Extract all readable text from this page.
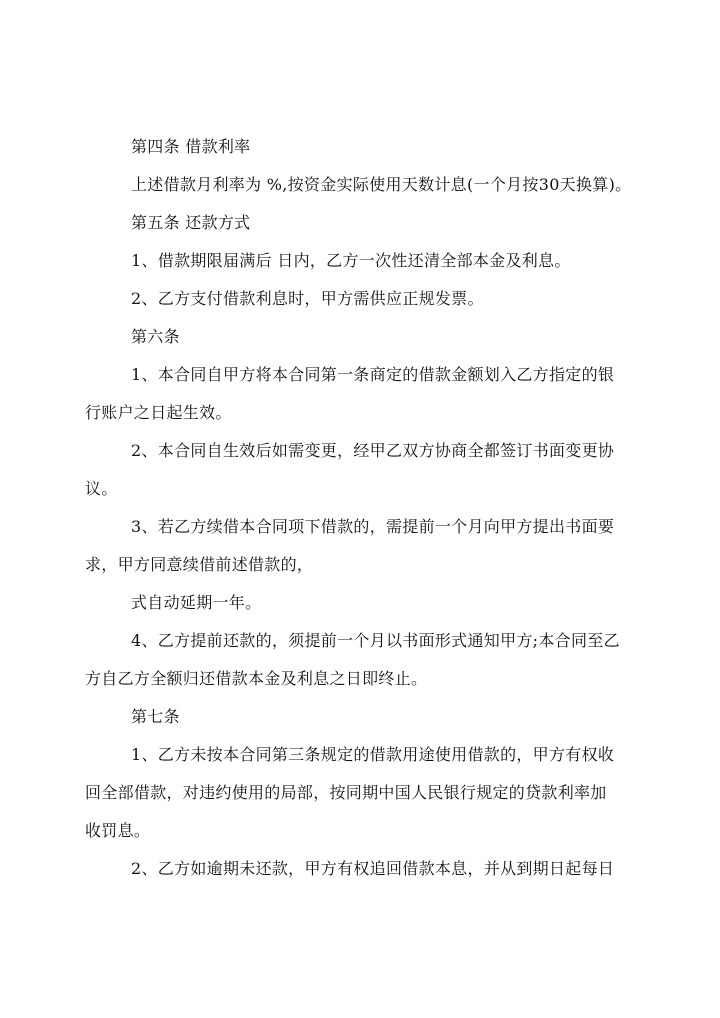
第四条 借款利率
上述借款月利率为 %,按资金实际使用天数计息(一个月按30天换算)。
第五条 还款方式
1、借款期限届满后 日内，乙方一次性还清全部本金及利息。
2、乙方支付借款利息时，甲方需供应正规发票。
第六条
1、本合同自甲方将本合同第一条商定的借款金额划入乙方指定的银
行账户之日起生效。
2、本合同自生效后如需变更，经甲乙双方协商全都签订书面变更协
议。
3、若乙方续借本合同项下借款的，需提前一个月向甲方提出书面要
求，甲方同意续借前述借款的，
式自动延期一年。
4、乙方提前还款的，须提前一个月以书面形式通知甲方;本合同至乙
方自乙方全额归还借款本金及利息之日即终止。
第七条
1、乙方未按本合同第三条规定的借款用途使用借款的，甲方有权收
回全部借款，对违约使用的局部，按同期中国人民银行规定的贷款利率加
收罚息。
2、乙方如逾期未还款，甲方有权追回借款本息，并从到期日起每日
